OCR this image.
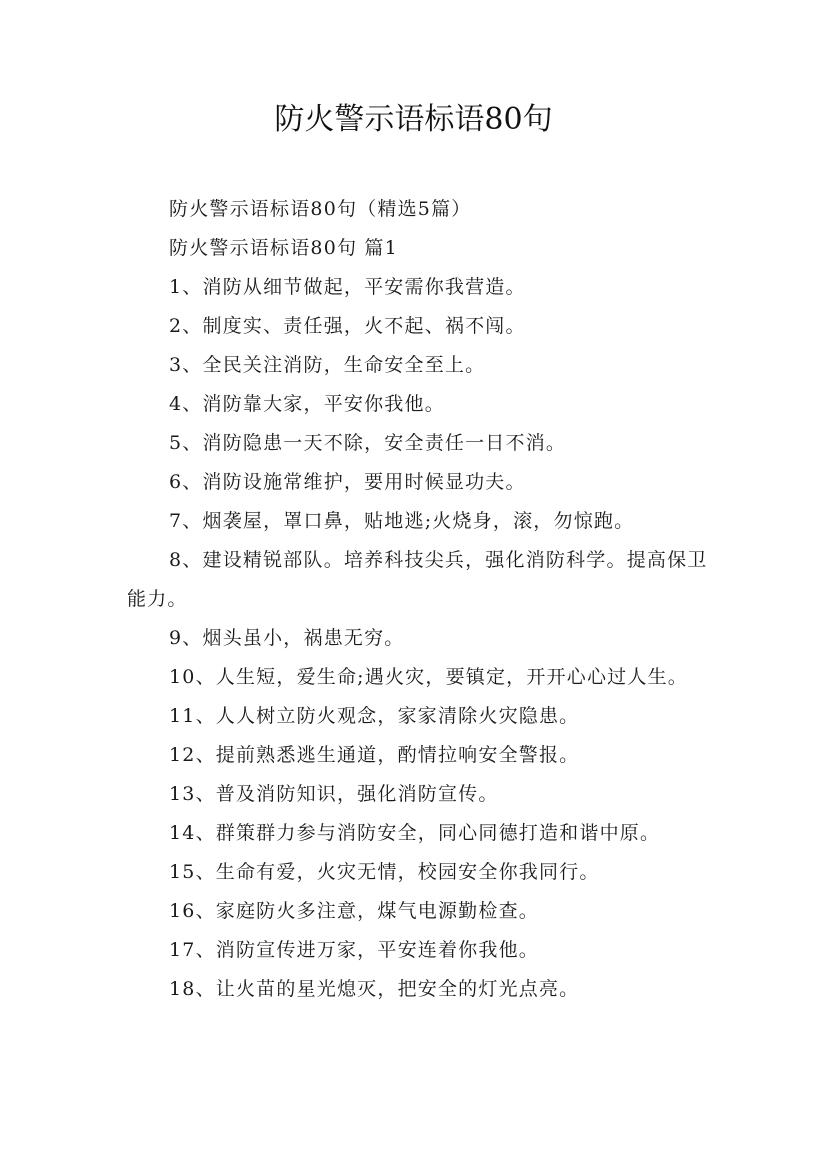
防火警示语标语80句

防火警示语标语80句（精选5篇）

防火警示语标语80句 篇1

1、消防从细节做起，平安需你我营造。

2、制度实、责任强，火不起、祸不闯。

3、全民关注消防，生命安全至上。

4、消防靠大家，平安你我他。

5、消防隐患一天不除，安全责任一日不消。

6、消防设施常维护，要用时候显功夫。

7、烟袭屋，罩口鼻，贴地逃;火烧身，滚，勿惊跑。

8、建设精锐部队。培养科技尖兵，强化消防科学。提高保卫能力。

9、烟头虽小，祸患无穷。

10、人生短，爱生命;遇火灾，要镇定，开开心心过人生。

11、人人树立防火观念，家家清除火灾隐患。

12、提前熟悉逃生通道，酌情拉响安全警报。

13、普及消防知识，强化消防宣传。

14、群策群力参与消防安全，同心同德打造和谐中原。

15、生命有爱，火灾无情，校园安全你我同行。

16、家庭防火多注意，煤气电源勤检查。

17、消防宣传进万家，平安连着你我他。

18、让火苗的星光熄灭，把安全的灯光点亮。
